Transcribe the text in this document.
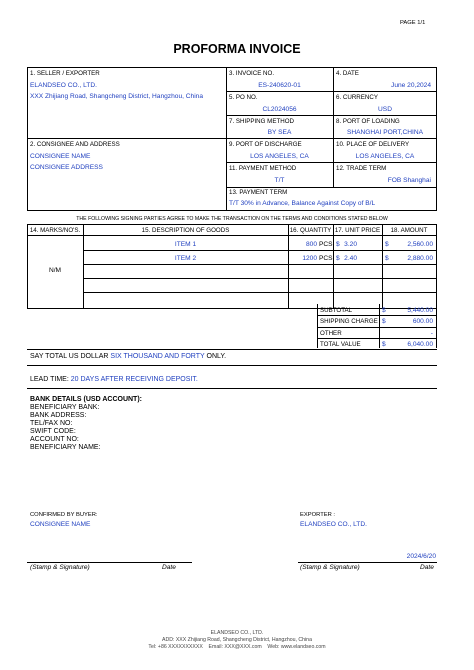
PAGE 1/1
PROFORMA INVOICE
1. SELLER / EXPORTER
ELANDSEO CO., LTD.
XXX Zhijiang Road, Shangcheng District, Hangzhou, China
3. INVOICE NO.
ES-240620-01
4. DATE
June 20,2024
5. PO NO.
CL2024056
6. CURRENCY
USD
7. SHIPPING METHOD
BY SEA
8. PORT OF LOADING
SHANGHAI PORT,CHINA
2. CONSIGNEE AND ADDRESS
CONSIGNEE NAME
CONSIGNEE ADDRESS
9. PORT OF DISCHARGE
LOS ANGELES, CA
10. PLACE OF DELIVERY
LOS ANGELES, CA
11. PAYMENT METHOD
T/T
12. TRADE TERM
FOB Shanghai
13. PAYMENT TERM
T/T 30% in Advance, Balance Against Copy of B/L
THE FOLLOWING SIGNING PARTIES AGREE TO MAKE THE TRANSACTION ON THE TERMS AND CONDITIONS STATED BELOW
14. MARKS/NO'S.	15. DESCRIPTION OF GOODS	16. QUANTITY 17. UNIT PRICE	18. AMOUNT
N/M
ITEM 1	800 PCS $ 3.20	$	2,560.00
ITEM 2	1200 PCS $ 2.40	$	2,880.00
SUBTOTAL	$	5,440.00
SHIPPING CHARGE $	600.00
OTHER	-
TOTAL VALUE	$	6,040.00
SAY TOTAL US DOLLAR SIX THOUSAND AND FORTY ONLY.
LEAD TIME: 20 DAYS AFTER RECEIVING DEPOSIT.
BANK DETAILS (USD ACCOUNT):
BENEFICIARY BANK:
BANK ADDRESS:
TEL/FAX NO:
SWIFT CODE:
ACCOUNT NO:
BENEFICIARY NAME:
CONFIRMED BY BUYER:
CONSIGNEE NAME
EXPORTER :
ELANDSEO CO., LTD.
2024/6/20
(Stamp & Signature)	Date	(Stamp & Signature)	Date
ELANDSEO CO., LTD.
ADD: XXX Zhijiang Road, Shangcheng District, Hangzhou, China
Tel: +86 XXXXXXXXXX    Email: XXX@XXX.com    Web: www.elandseo.com
